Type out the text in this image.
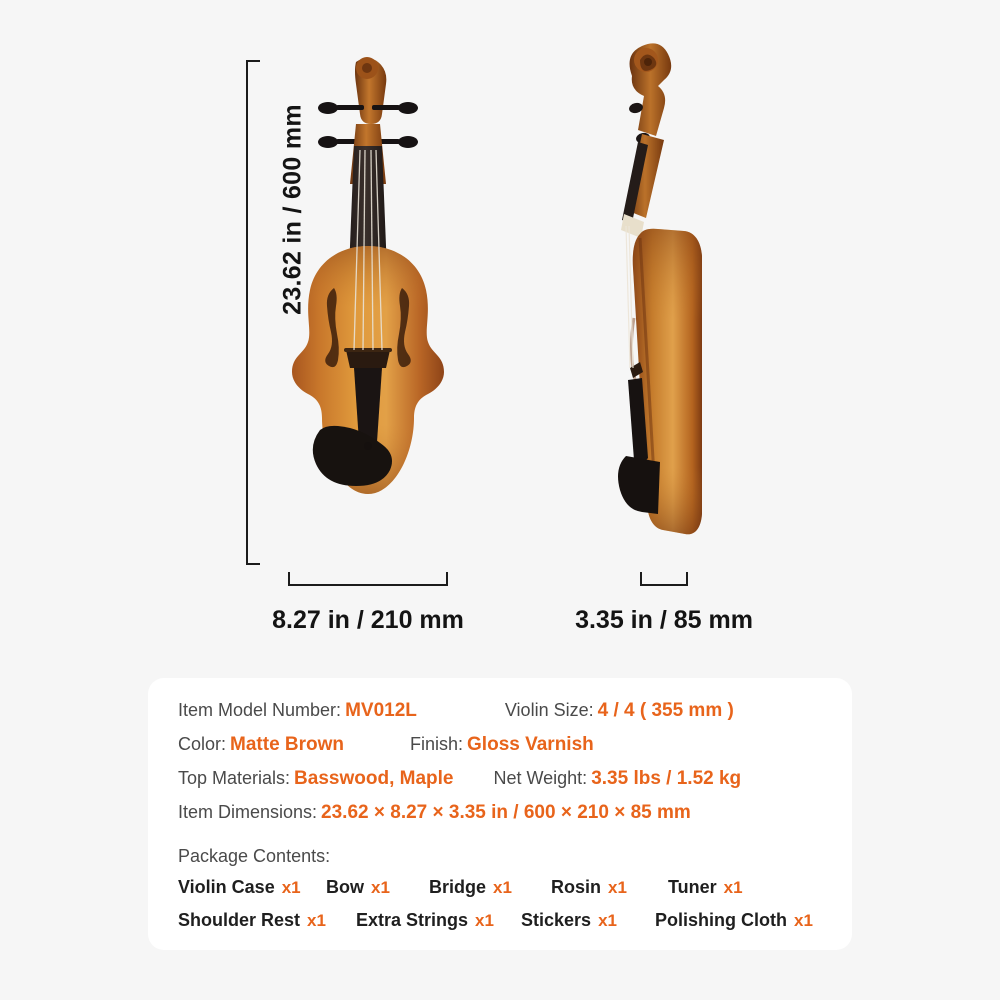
23.62 in / 600 mm
8.27 in / 210 mm	3.35 in / 85 mm
Item Model Number: MV012L	Violin Size: 4 / 4 ( 355 mm )
Color: Matte Brown	Finish: Gloss Varnish
Top Materials: Basswood, Maple Net Weight: 3.35 lbs / 1.52 kg
Item Dimensions: 23.62 × 8.27 × 3.35 in / 600 × 210 × 85 mm
Package Contents:
Violin Case x1 Bow x1 Bridge x1 Rosin x1 Tuner x1
Shoulder Rest x1 Extra Strings x1 Stickers x1 Polishing Cloth x1
